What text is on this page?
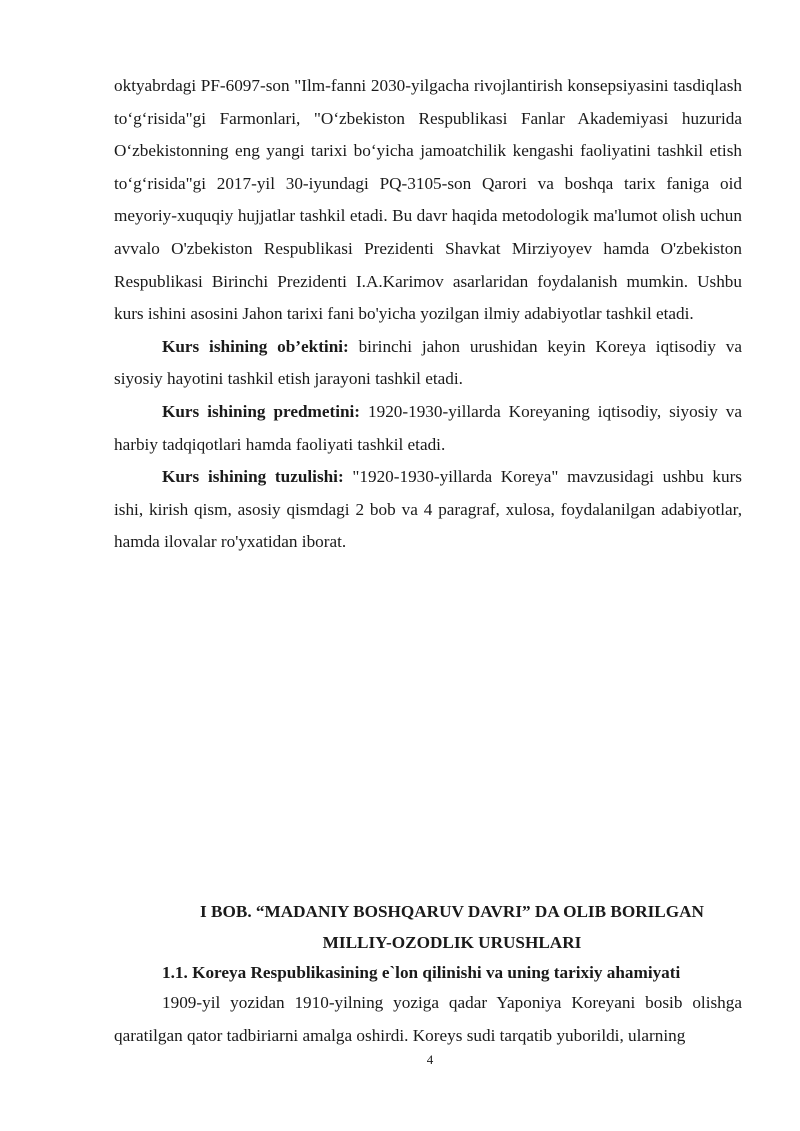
oktyabrdagi PF-6097-son "Ilm-fanni 2030-yilgacha rivojlantirish konsepsiyasini tasdiqlash to‘g‘risida"gi Farmonlari, "O‘zbekiston Respublikasi Fanlar Akademiyasi huzurida O‘zbekistonning eng yangi tarixi bo‘yicha jamoatchilik kengashi faoliyatini tashkil etish to‘g‘risida"gi 2017-yil 30-iyundagi PQ-3105-son Qarori va boshqa tarix faniga oid meyoriy-xuquqiy hujjatlar tashkil etadi. Bu davr haqida metodologik ma'lumot olish uchun avvalo O'zbekiston Respublikasi Prezidenti Shavkat Mirziyoyev hamda O'zbekiston Respublikasi Birinchi Prezidenti I.A.Karimov asarlaridan foydalanish mumkin. Ushbu kurs ishini asosini Jahon tarixi fani bo'yicha yozilgan ilmiy adabiyotlar tashkil etadi.

Kurs ishining ob’ektini: birinchi jahon urushidan keyin Koreya iqtisodiy va siyosiy hayotini tashkil etish jarayoni tashkil etadi.

Kurs ishining predmetini: 1920-1930-yillarda Koreyaning iqtisodiy, siyosiy va harbiy tadqiqotlari hamda faoliyati tashkil etadi.

Kurs ishining tuzulishi: "1920-1930-yillarda Koreya" mavzusidagi ushbu kurs ishi, kirish qism, asosiy qismdagi 2 bob va 4 paragraf, xulosa, foydalanilgan adabiyotlar, hamda ilovalar ro'yxatidan iborat.

I BOB. “MADANIY BOSHQARUV DAVRI” DA OLIB BORILGAN
MILLIY-OZODLIK URUSHLARI
1.1. Koreya Respublikasining e`lon qilinishi va uning tarixiy ahamiyati

1909-yil yozidan 1910-yilning yoziga qadar Yaponiya Koreyani bosib olishga qaratilgan qator tadbiriarni amalga oshirdi. Koreys sudi tarqatib yuborildi, ularning

4
